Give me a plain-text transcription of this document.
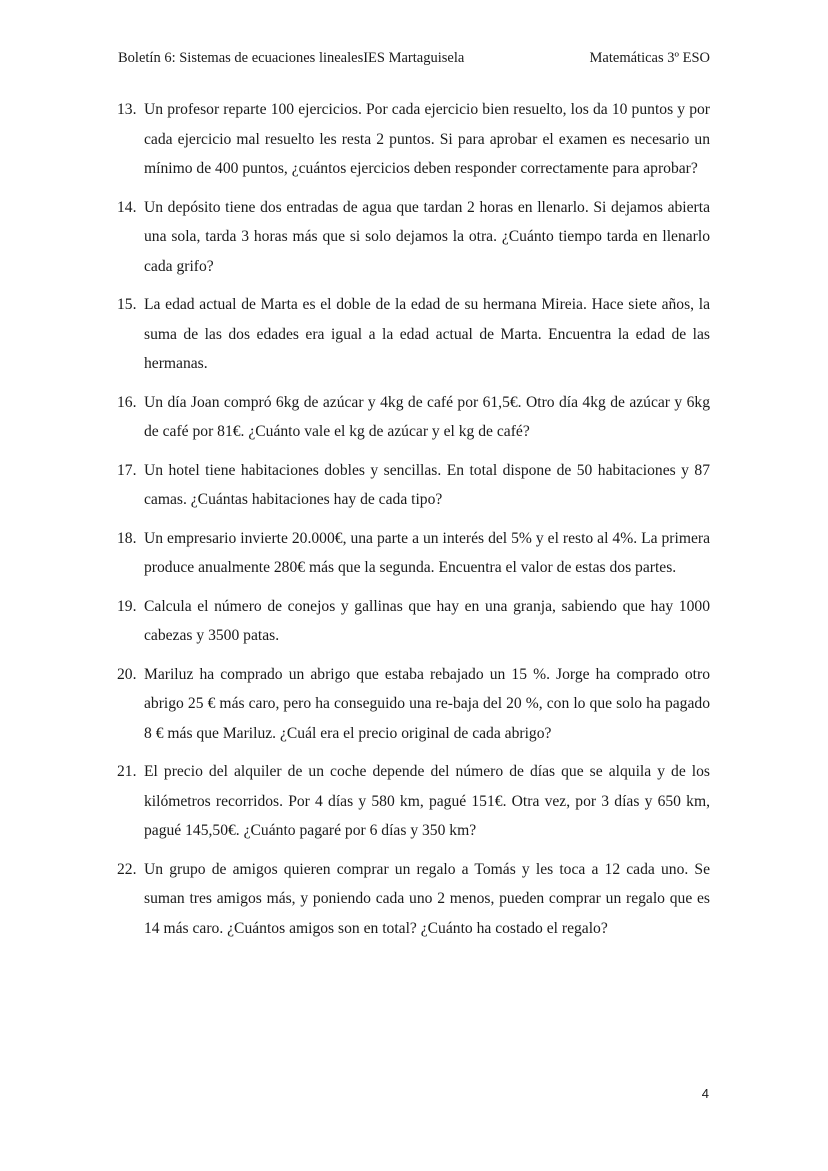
Boletín 6: Sistemas de ecuaciones linealesIES Martaguisela	Matemáticas 3º ESO
13. Un profesor reparte 100 ejercicios. Por cada ejercicio bien resuelto, los da 10 puntos y por cada ejercicio mal resuelto les resta 2 puntos. Si para aprobar el examen es necesario un mínimo de 400 puntos, ¿cuántos ejercicios deben responder correctamente para aprobar?
14. Un depósito tiene dos entradas de agua que tardan 2 horas en llenarlo. Si dejamos abierta una sola, tarda 3 horas más que si solo dejamos la otra. ¿Cuánto tiempo tarda en llenarlo cada grifo?
15. La edad actual de Marta es el doble de la edad de su hermana Mireia. Hace siete años, la suma de las dos edades era igual a la edad actual de Marta. Encuentra la edad de las hermanas.
16. Un día Joan compró 6kg de azúcar y 4kg de café por 61,5€. Otro día 4kg de azúcar y 6kg de café por 81€. ¿Cuánto vale el kg de azúcar y el kg de café?
17. Un hotel tiene habitaciones dobles y sencillas. En total dispone de 50 habitaciones y 87 camas. ¿Cuántas habitaciones hay de cada tipo?
18. Un empresario invierte 20.000€, una parte a un interés del 5% y el resto al 4%. La primera produce anualmente 280€ más que la segunda. Encuentra el valor de estas dos partes.
19. Calcula el número de conejos y gallinas que hay en una granja, sabiendo que hay 1000 cabezas y 3500 patas.
20. Mariluz ha comprado un abrigo que estaba rebajado un 15 %. Jorge ha comprado otro abrigo 25 € más caro, pero ha conseguido una re-baja del 20 %, con lo que solo ha pagado 8 € más que Mariluz. ¿Cuál era el precio original de cada abrigo?
21. El precio del alquiler de un coche depende del número de días que se alquila y de los kilómetros recorridos. Por 4 días y 580 km, pagué 151€. Otra vez, por 3 días y 650 km, pagué 145,50€. ¿Cuánto pagaré por 6 días y 350 km?
22. Un grupo de amigos quieren comprar un regalo a Tomás y les toca a 12 cada uno. Se suman tres amigos más, y poniendo cada uno 2 menos, pueden comprar un regalo que es 14 más caro. ¿Cuántos amigos son en total? ¿Cuánto ha costado el regalo?
4
